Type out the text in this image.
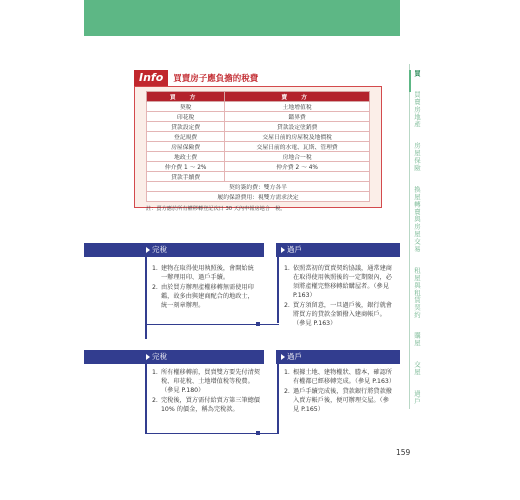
買
買賣房地產
房屋保險
換屋轉賣與房屋交易
租屋與租賃契約
購屋
交屋
過戶
Info	買賣房子應負擔的稅費
買 方	賣 方
契稅	土地增值稅
印花稅	鑑界費
貸款設定費	貸款設定塗銷費
登記規費	交屋日前的房屋稅及地價稅
房屋保險費	交屋日前的水電、瓦斯、管理費
地政士費	房地合一稅
仲介費 1 ～ 2%	仲介費 2 ～ 4%
貸款手續費	
契約簽約費：雙方各半	
履約保證費用：視雙方需求決定	
註：賣方應於所有權移轉登記次日 30 天內申報房地合一稅。
完稅	過戶
1. 建物在取得使用執照後，會開始統一辦理用印、過戶手續。
2. 由於買方辦理產權移轉無需使用印鑑，故多由與建商配合的地政士，統一刻章辦理。
1. 依照當初的買賣契約協議，通常建商在取得使用執照後的一定期限內，必須將產權完整移轉給購屋者。（參見 P.163）
2. 買方須留意，一旦過戶後，銀行就會將買方的貸款金額撥入建商帳戶。（參見 P.163）
完稅	過戶
1. 所有權移轉前，買賣雙方要先付清契稅、印花稅、土地增值稅等稅費。（參見 P.180）
2. 完稅後，買方需付給賣方第三筆總價 10% 的價金，稱為完稅款。
1. 根據土地、建物權狀、謄本，確認所有權都已經移轉完成。（參見 P.163）
2. 過戶手續完成後，貸款銀行將貸款撥入賣方帳戶後，便可辦理交屋。（參見 P.165）
159
